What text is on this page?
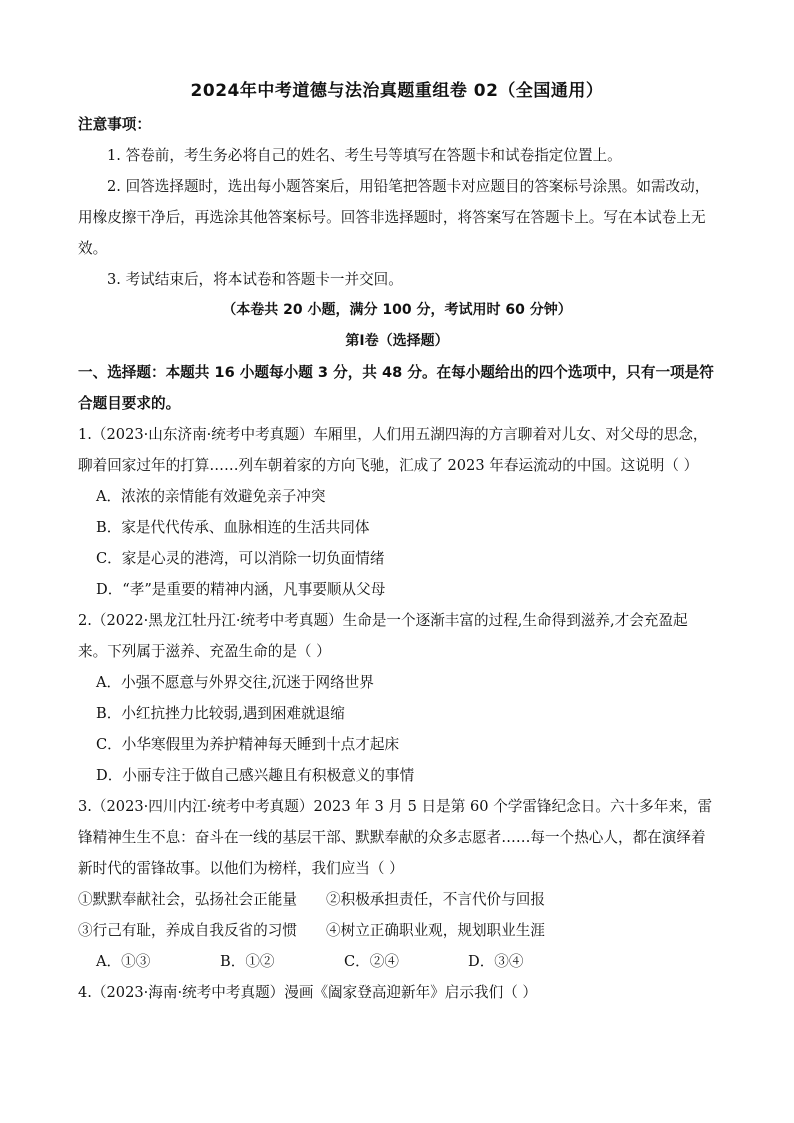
2024年中考道德与法治真题重组卷 02（全国通用）

注意事项：

1. 答卷前，考生务必将自己的姓名、考生号等填写在答题卡和试卷指定位置上。

2. 回答选择题时，选出每小题答案后，用铅笔把答题卡对应题目的答案标号涂黑。如需改动，用橡皮擦干净后，再选涂其他答案标号。回答非选择题时，将答案写在答题卡上。写在本试卷上无效。

3. 考试结束后，将本试卷和答题卡一并交回。

（本卷共 20 小题，满分 100 分，考试用时 60 分钟）

第Ⅰ卷（选择题）

一、选择题：本题共 16 小题每小题 3 分，共 48 分。在每小题给出的四个选项中，只有一项是符合题目要求的。

1.（2023·山东济南·统考中考真题）车厢里，人们用五湖四海的方言聊着对儿女、对父母的思念，聊着回家过年的打算……列车朝着家的方向飞驰，汇成了 2023 年春运流动的中国。这说明（ ）

A．浓浓的亲情能有效避免亲子冲突

B．家是代代传承、血脉相连的生活共同体

C．家是心灵的港湾，可以消除一切负面情绪

D．“孝”是重要的精神内涵，凡事要顺从父母

2.（2022·黑龙江牡丹江·统考中考真题）生命是一个逐渐丰富的过程,生命得到滋养,才会充盈起来。下列属于滋养、充盈生命的是（ ）

A．小强不愿意与外界交往,沉迷于网络世界

B．小红抗挫力比较弱,遇到困难就退缩

C．小华寒假里为养护精神每天睡到十点才起床

D．小丽专注于做自己感兴趣且有积极意义的事情

3.（2023·四川内江·统考中考真题）2023 年 3 月 5 日是第 60 个学雷锋纪念日。六十多年来，雷锋精神生生不息：奋斗在一线的基层干部、默默奉献的众多志愿者……每一个热心人，都在演绎着新时代的雷锋故事。以他们为榜样，我们应当（ ）

①默默奉献社会，弘扬社会正能量	②积极承担责任，不言代价与回报
③行己有耻，养成自我反省的习惯	④树立正确职业观，规划职业生涯
A．①③	B．①②	C．②④	D．③④

4.（2023·海南·统考中考真题）漫画《阖家登高迎新年》启示我们（ ）
